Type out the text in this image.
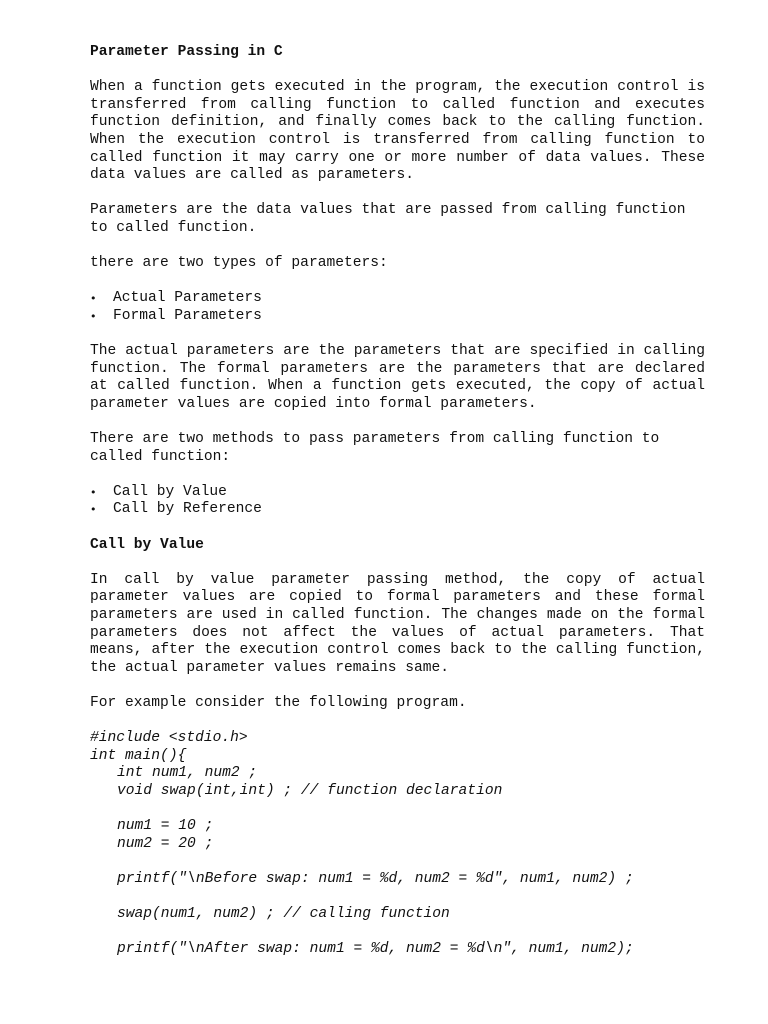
Parameter Passing in C
When a function gets executed in the program, the execution control is transferred from calling function to called function and executes function definition, and finally comes back to the calling function. When the execution control is transferred from calling function to called function it may carry one or more number of data values. These data values are called as parameters.
Parameters are the data values that are passed from calling function to called function.
there are two types of parameters:
• Actual Parameters
• Formal Parameters
The actual parameters are the parameters that are specified in calling function. The formal parameters are the parameters that are declared at called function. When a function gets executed, the copy of actual parameter values are copied into formal parameters.
There are two methods to pass parameters from calling function to called function:
• Call by Value
• Call by Reference
Call by Value
In call by value parameter passing method, the copy of actual parameter values are copied to formal parameters and these formal parameters are used in called function. The changes made on the formal parameters does not affect the values of actual parameters. That means, after the execution control comes back to the calling function, the actual parameter values remains same.
For example consider the following program.
#include <stdio.h>
int main(){
int num1, num2 ;
void swap(int,int) ; // function declaration
num1 = 10 ;
num2 = 20 ;
printf("\nBefore swap: num1 = %d, num2 = %d", num1, num2) ;
swap(num1, num2) ; // calling function
printf("\nAfter swap: num1 = %d, num2 = %d\n", num1, num2);
